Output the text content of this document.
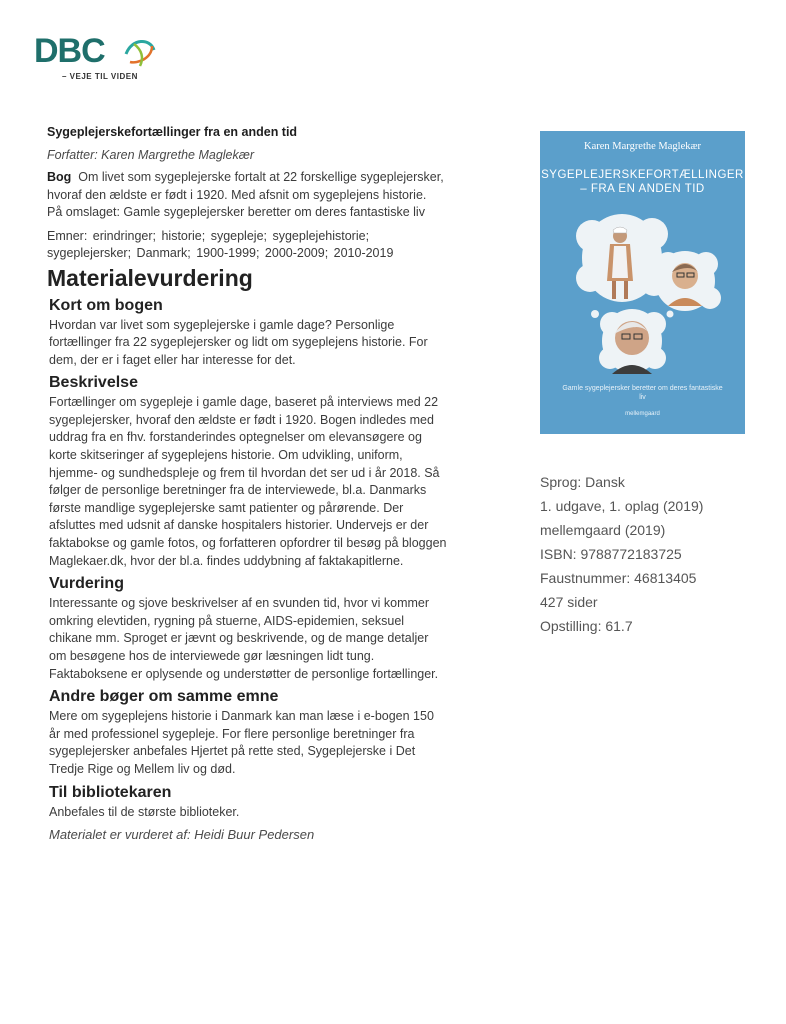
DBC
– VEJE TIL VIDEN

Sygeplejerskefortællinger fra en anden tid

Forfatter: Karen Margrethe Maglekær

Bog Om livet som sygeplejerske fortalt at 22 forskellige sygeplejersker, hvoraf den ældste er født i 1920. Med afsnit om sygeplejens historie.

På omslaget: Gamle sygeplejersker beretter om deres fantastiske liv

Emner: erindringer; historie; sygepleje; sygeplejehistorie; sygeplejersker; Danmark; 1900-1999; 2000-2009; 2010-2019

Materialevurdering
Kort om bogen

Hvordan var livet som sygeplejerske i gamle dage? Personlige fortællinger fra 22 sygeplejersker og lidt om sygeplejens historie. For dem, der er i faget eller har interesse for det.

Beskrivelse

Fortællinger om sygepleje i gamle dage, baseret på interviews med 22 sygeplejersker, hvoraf den ældste er født i 1920. Bogen indledes med uddrag fra en fhv. forstanderindes optegnelser om elevansøgere og korte skitseringer af sygeplejens historie. Om udvikling, uniform, hjemme- og sundhedspleje og frem til hvordan det ser ud i år 2018. Så følger de personlige beretninger fra de interviewede, bl.a. Danmarks første mandlige sygeplejerske samt patienter og pårørende. Der afsluttes med udsnit af danske hospitalers historier. Undervejs er der faktabokse og gamle fotos, og forfatteren opfordrer til besøg på bloggen Maglekaer.dk, hvor der bl.a. findes uddybning af faktakapitlerne.

Vurdering

Interessante og sjove beskrivelser af en svunden tid, hvor vi kommer omkring elevtiden, rygning på stuerne, AIDS-epidemien, seksuel chikane mm. Sproget er jævnt og beskrivende, og de mange detaljer om besøgene hos de interviewede gør læsningen lidt tung. Faktaboksene er oplysende og understøtter de personlige fortællinger.

Andre bøger om samme emne

Mere om sygeplejens historie i Danmark kan man læse i e-bogen 150 år med professionel sygepleje. For flere personlige beretninger fra sygeplejersker anbefales Hjertet på rette sted, Sygeplejerske i Det Tredje Rige og Mellem liv og død.

Til bibliotekaren

Anbefales til de største biblioteker.

Materialet er vurderet af: Heidi Buur Pedersen
Karen Margrethe Maglekær
SYGEPLEJERSKEFORTÆLLINGER
– FRA EN ANDEN TID
Gamle sygeplejersker beretter om deres fantastiske liv
mellemgaard
Sprog: Dansk
1. udgave, 1. oplag (2019)
mellemgaard (2019)
ISBN: 9788772183725
Faustnummer: 46813405
427 sider
Opstilling: 61.7
